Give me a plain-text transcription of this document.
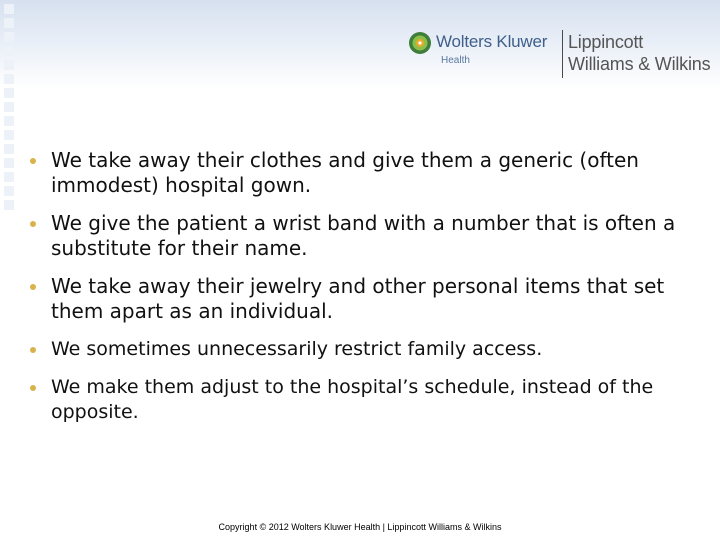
Wolters Kluwer
Health
Lippincott
Williams & Wilkins
We take away their clothes and give them a generic (often immodest) hospital gown.
We give the patient a wrist band with a number that is often a substitute for their name.
We take away their jewelry and other personal items that set them apart as an individual.
We sometimes unnecessarily restrict family access.
We make them adjust to the hospital’s schedule, instead of the opposite.
Copyright © 2012 Wolters Kluwer Health | Lippincott Williams & Wilkins
